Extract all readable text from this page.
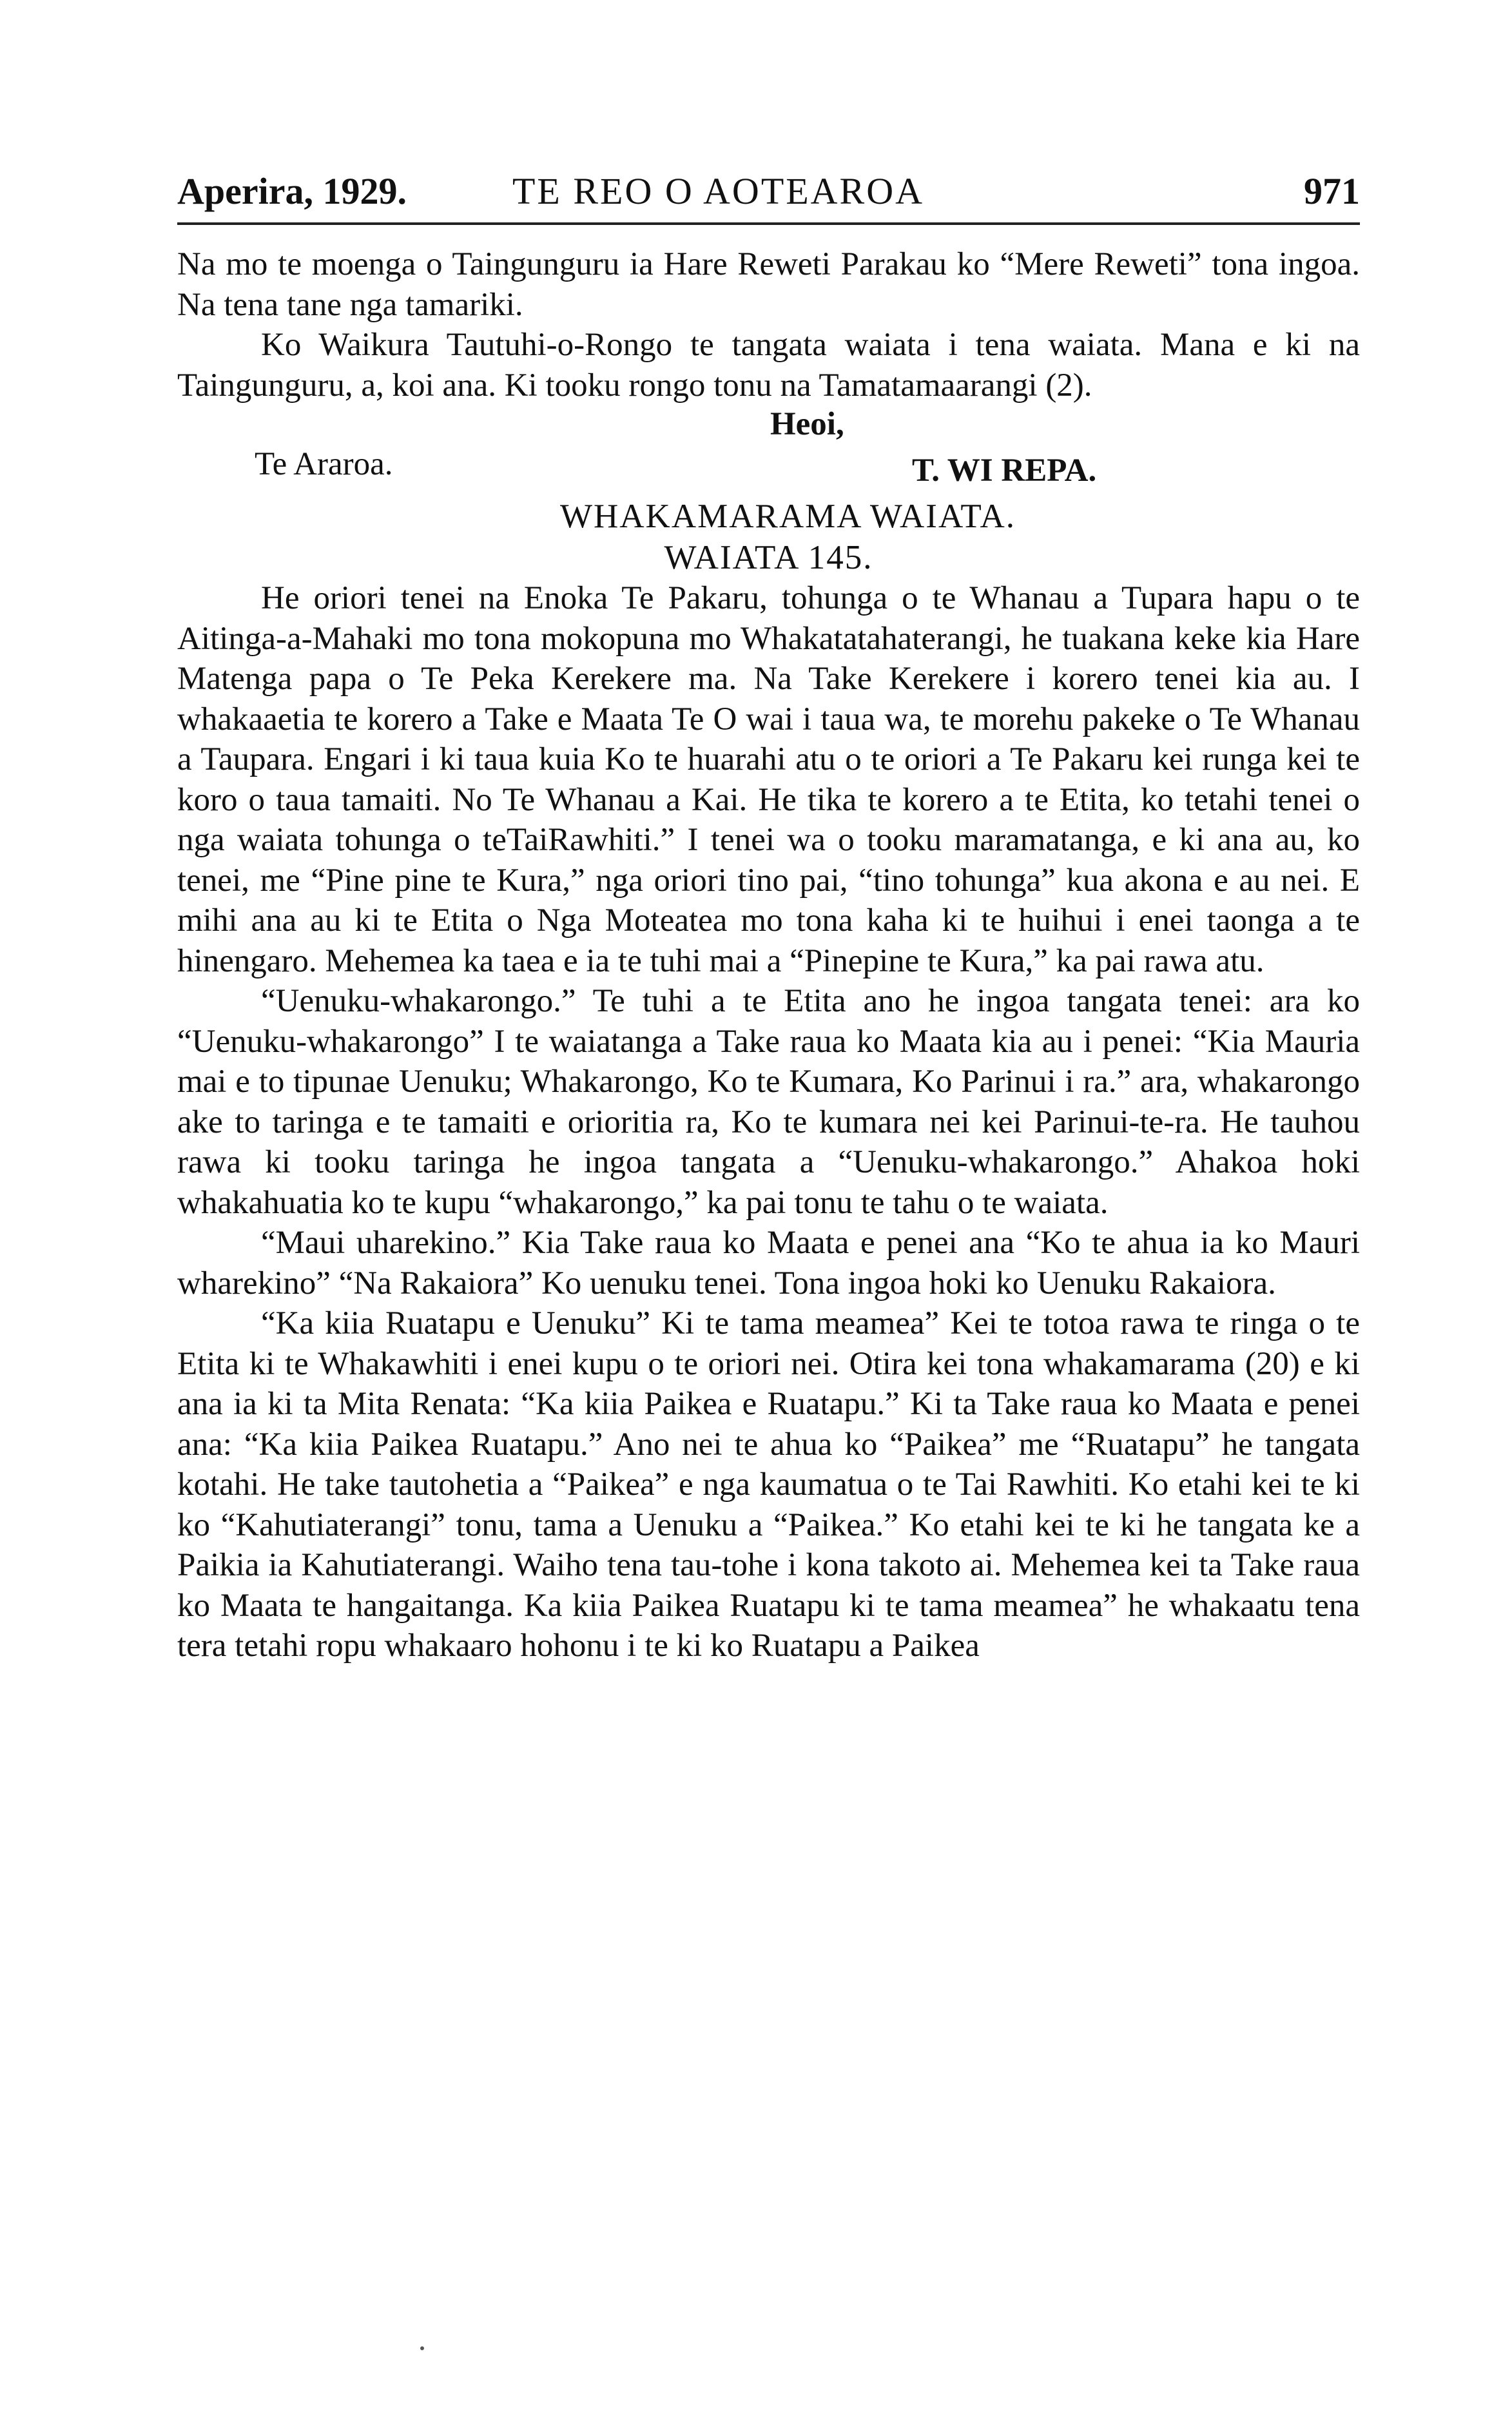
Aperira, 1929.	TE REO O AOTEAROA	971

Na mo te moenga o Taingunguru ia Hare Reweti Parakau ko “Mere Reweti” tona ingoa. Na tena tane nga tamariki.

Ko Waikura Tautuhi-o-Rongo te tangata waiata i tena waiata. Mana e ki na Taingunguru, a, koi ana. Ki tooku rongo tonu na Tamatamaarangi (2).

Heoi,
Te Araroa.	T. WI REPA.

WHAKAMARAMA WAIATA.

WAIATA 145.

He oriori tenei na Enoka Te Pakaru, tohunga o te Whanau a Tupara hapu o te Aitinga-a-Mahaki mo tona mokopuna mo Whakatatahaterangi, he tuakana keke kia Hare Matenga papa o Te Peka Kerekere ma. Na Take Kerekere i korero tenei kia au. I whakaaetia te korero a Take e Maata Te O wai i taua wa, te morehu pakeke o Te Whanau a Taupara. Engari i ki taua kuia Ko te huarahi atu o te oriori a Te Pakaru kei runga kei te koro o taua tamaiti. No Te Whanau a Kai. He tika te korero a te Etita, ko tetahi tenei o nga waiata tohunga o teTaiRawhiti.” I tenei wa o tooku maramatanga, e ki ana au, ko tenei, me “Pine pine te Kura,” nga oriori tino pai, “tino tohunga” kua akona e au nei. E mihi ana au ki te Etita o Nga Moteatea mo tona kaha ki te huihui i enei taonga a te hinengaro. Mehemea ka taea e ia te tuhi mai a “Pinepine te Kura,” ka pai rawa atu.

“Uenuku-whakarongo.” Te tuhi a te Etita ano he ingoa tangata tenei: ara ko “Uenuku-whakarongo” I te waiatanga a Take raua ko Maata kia au i penei: “Kia Mauria mai e to tipunae Uenuku; Whakarongo, Ko te Kumara, Ko Parinui i ra.” ara, whakarongo ake to taringa e te tamaiti e orioritia ra, Ko te kumara nei kei Parinui-te-ra. He tauhou rawa ki tooku taringa he ingoa tangata a “Uenuku-whakarongo.” Ahakoa hoki whakahuatia ko te kupu “whakarongo,” ka pai tonu te tahu o te waiata.

“Maui uharekino.” Kia Take raua ko Maata e penei ana “Ko te ahua ia ko Mauri wharekino” “Na Rakaiora” Ko uenuku tenei. Tona ingoa hoki ko Uenuku Rakaiora.

“Ka kiia Ruatapu e Uenuku” Ki te tama meamea” Kei te totoa rawa te ringa o te Etita ki te Whakawhiti i enei kupu o te oriori nei. Otira kei tona whakamarama (20) e ki ana ia ki ta Mita Renata: “Ka kiia Paikea e Ruatapu.” Ki ta Take raua ko Maata e penei ana: “Ka kiia Paikea Ruatapu.” Ano nei te ahua ko “Paikea” me “Ruatapu” he tangata kotahi. He take tautohetia a “Paikea” e nga kaumatua o te Tai Rawhiti. Ko etahi kei te ki ko “Kahutiaterangi” tonu, tama a Uenuku a “Paikea.” Ko etahi kei te ki he tangata ke a Paikia ia Kahutiaterangi. Waiho tena tau-tohe i kona takoto ai. Mehemea kei ta Take raua ko Maata te hangaitanga. Ka kiia Paikea Ruatapu ki te tama meamea” he whakaatu tena tera tetahi ropu whakaaro hohonu i te ki ko Ruatapu a Paikea
